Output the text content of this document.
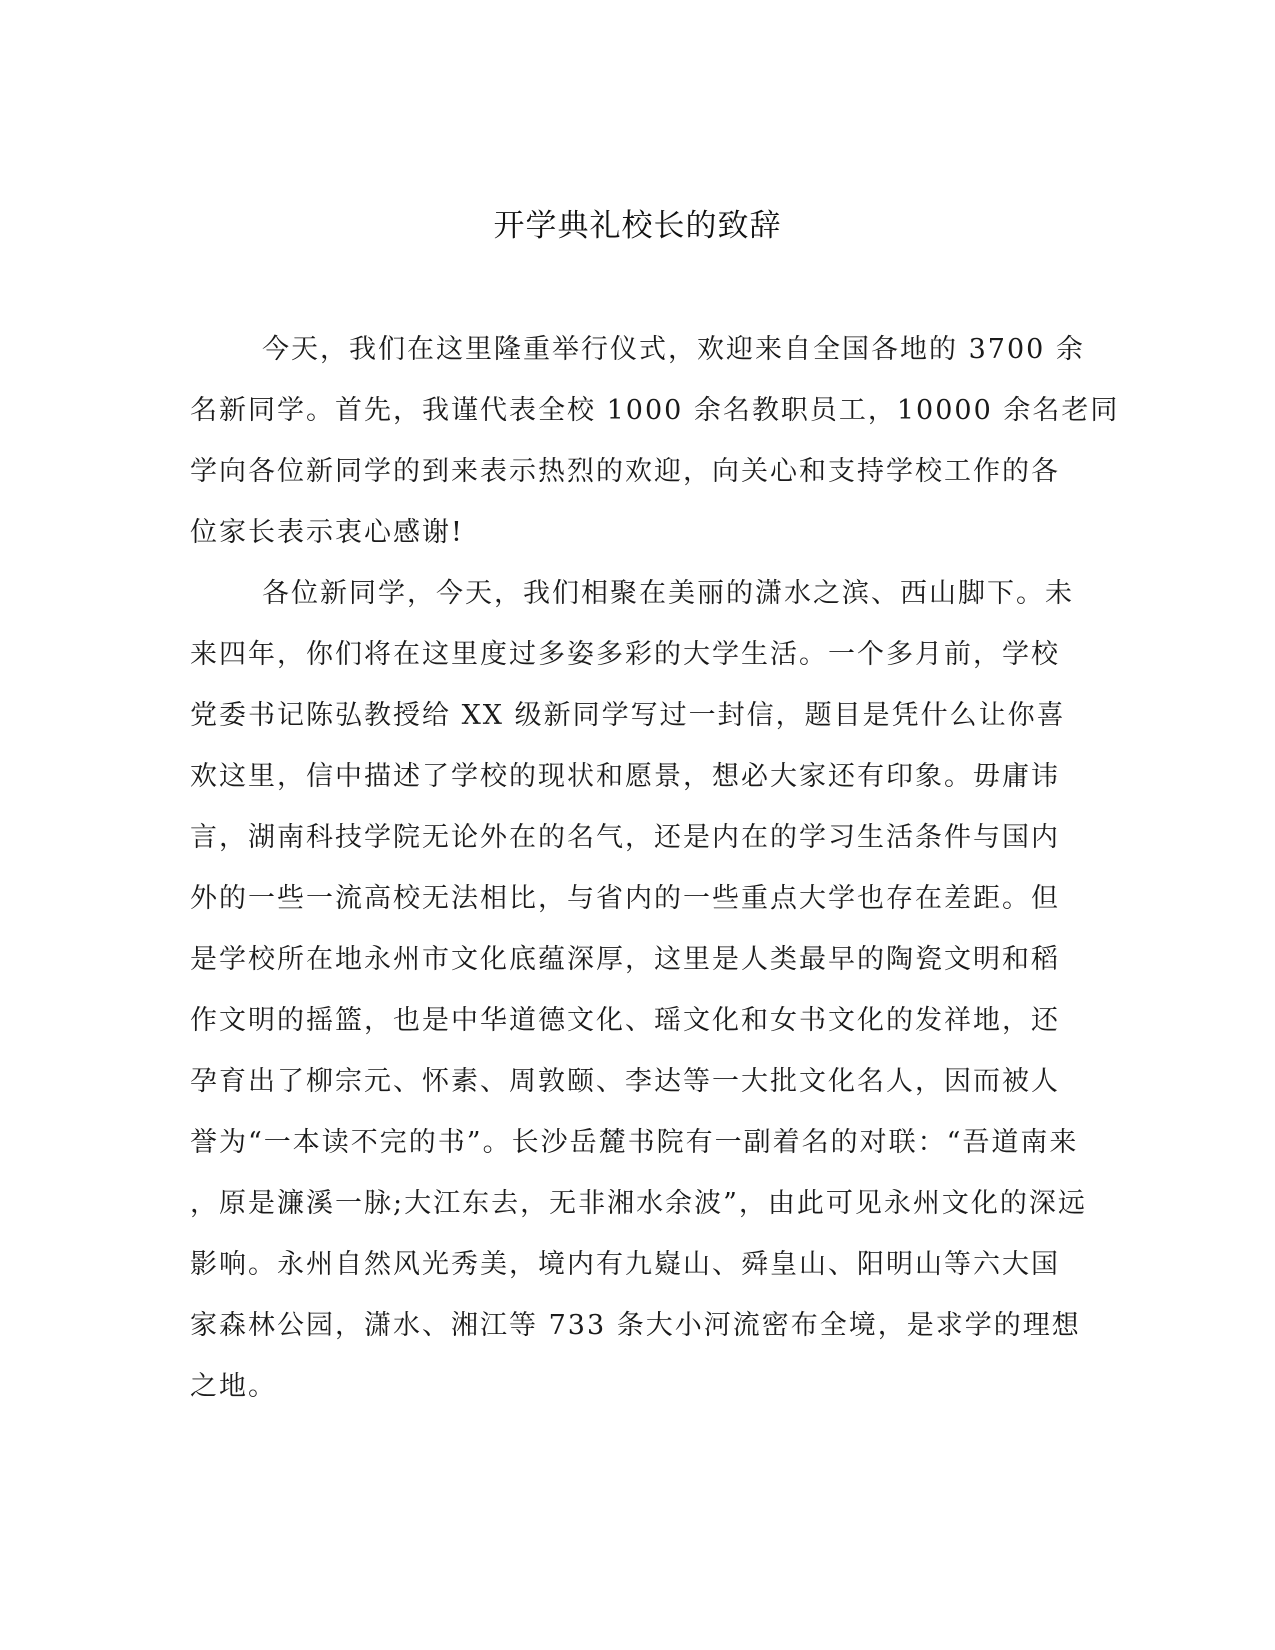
开学典礼校长的致辞
今天，我们在这里隆重举行仪式，欢迎来自全国各地的 3700 余
名新同学。首先，我谨代表全校 1000 余名教职员工，10000 余名老同
学向各位新同学的到来表示热烈的欢迎，向关心和支持学校工作的各
位家长表示衷心感谢!
各位新同学，今天，我们相聚在美丽的潇水之滨、西山脚下。未
来四年，你们将在这里度过多姿多彩的大学生活。一个多月前，学校
党委书记陈弘教授给 XX 级新同学写过一封信，题目是凭什么让你喜
欢这里，信中描述了学校的现状和愿景，想必大家还有印象。毋庸讳
言，湖南科技学院无论外在的名气，还是内在的学习生活条件与国内
外的一些一流高校无法相比，与省内的一些重点大学也存在差距。但
是学校所在地永州市文化底蕴深厚，这里是人类最早的陶瓷文明和稻
作文明的摇篮，也是中华道德文化、瑶文化和女书文化的发祥地，还
孕育出了柳宗元、怀素、周敦颐、李达等一大批文化名人，因而被人
誉为“一本读不完的书”。长沙岳麓书院有一副着名的对联：“吾道南来
，原是濂溪一脉;大江东去，无非湘水余波”，由此可见永州文化的深远
影响。永州自然风光秀美，境内有九嶷山、舜皇山、阳明山等六大国
家森林公园，潇水、湘江等 733 条大小河流密布全境，是求学的理想
之地。
